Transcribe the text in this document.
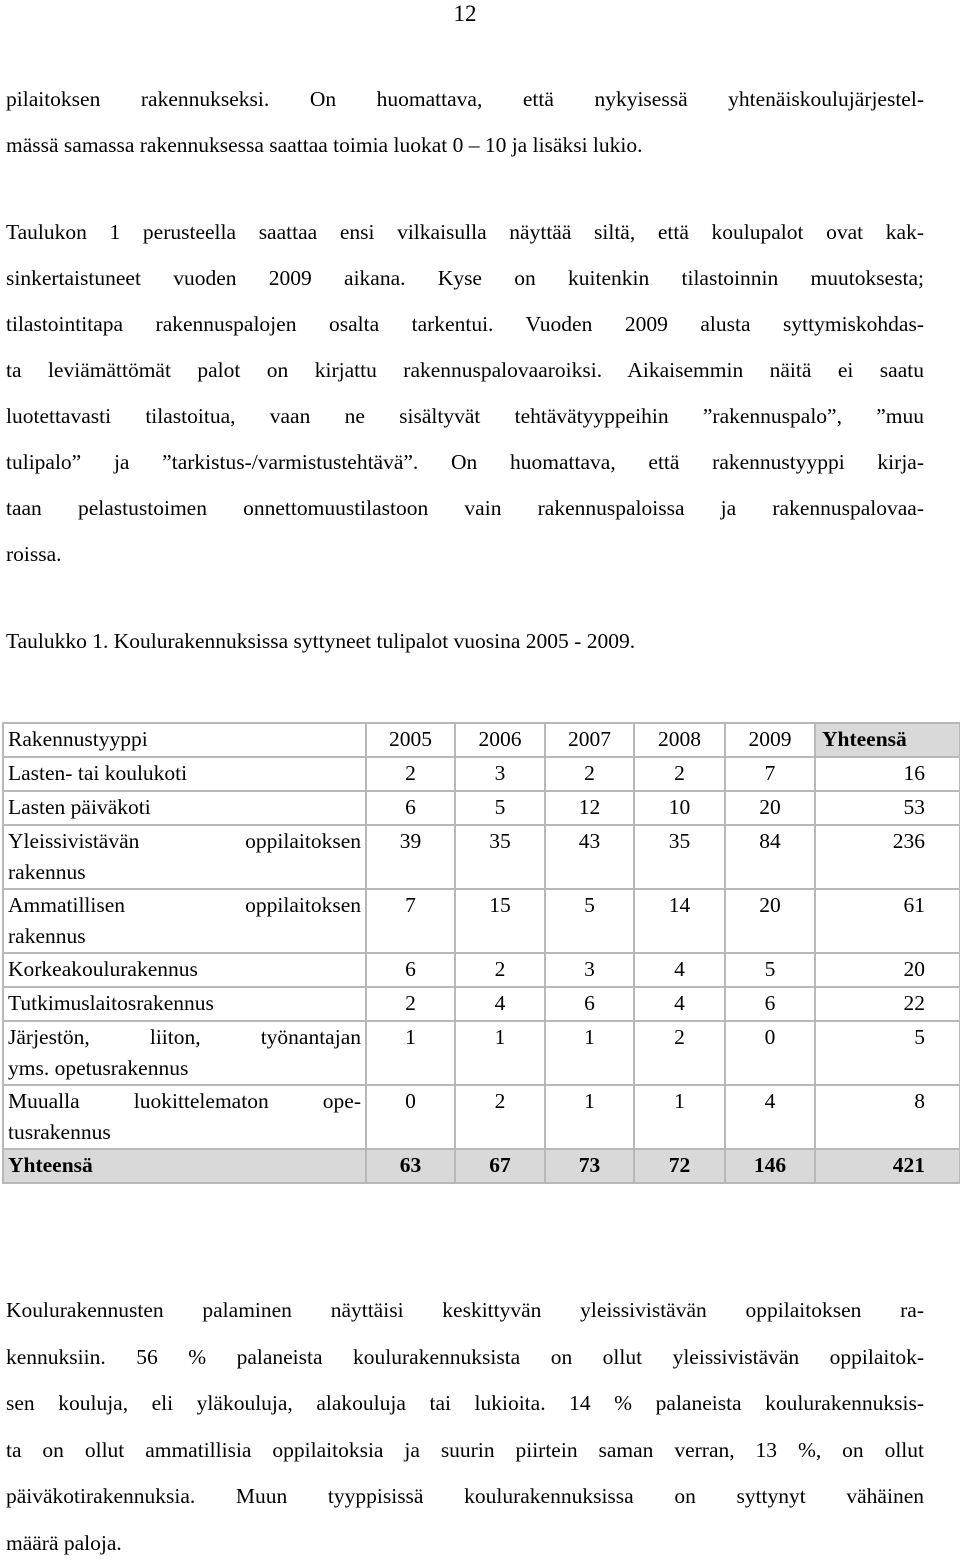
12
pilaitoksen rakennukseksi. On huomattava, että nykyisessä yhtenäiskoulujärjestel-
mässä samassa rakennuksessa saattaa toimia luokat 0 – 10 ja lisäksi lukio.
Taulukon 1 perusteella saattaa ensi vilkaisulla näyttää siltä, että koulupalot ovat kak-
sinkertaistuneet vuoden 2009 aikana. Kyse on kuitenkin tilastoinnin muutoksesta;
tilastointitapa rakennuspalojen osalta tarkentui. Vuoden 2009 alusta syttymiskohdas-
ta leviämättömät palot on kirjattu rakennuspalovaaroiksi. Aikaisemmin näitä ei saatu
luotettavasti tilastoitua, vaan ne sisältyvät tehtävätyyppeihin ”rakennuspalo”, ”muu
tulipalo” ja ”tarkistus-/varmistustehtävä”. On huomattava, että rakennustyyppi kirja-
taan pelastustoimen onnettomuustilastoon vain rakennuspaloissa ja rakennuspalovaa-
roissa.
Taulukko 1. Koulurakennuksissa syttyneet tulipalot vuosina 2005 - 2009.
Rakennustyyppi	2005	2006	2007	2008	2009	Yhteensä
Lasten- tai koulukoti	2	3	2	2	7	16
Lasten päiväkoti	6	5	12	10	20	53

Yleissivistävän oppilaitoksen
rakennus	39	35	43	35	84	236

Ammatillisen oppilaitoksen
rakennus	7	15	5	14	20	61
Korkeakoulurakennus	6	2	3	4	5	20
Tutkimuslaitosrakennus	2	4	6	4	6	22

Järjestön, liiton, työnantajan
yms. opetusrakennus	1	1	1	2	0	5

Muualla luokittelematon ope-
tusrakennus	0	2	1	1	4	8
Yhteensä	63	67	73	72	146	421
Koulurakennusten palaminen näyttäisi keskittyvän yleissivistävän oppilaitoksen ra-
kennuksiin. 56 % palaneista koulurakennuksista on ollut yleissivistävän oppilaitok-
sen kouluja, eli yläkouluja, alakouluja tai lukioita. 14 % palaneista koulurakennuksis-
ta on ollut ammatillisia oppilaitoksia ja suurin piirtein saman verran, 13 %, on ollut
päiväkotirakennuksia. Muun tyyppisissä koulurakennuksissa on syttynyt vähäinen
määrä paloja.
